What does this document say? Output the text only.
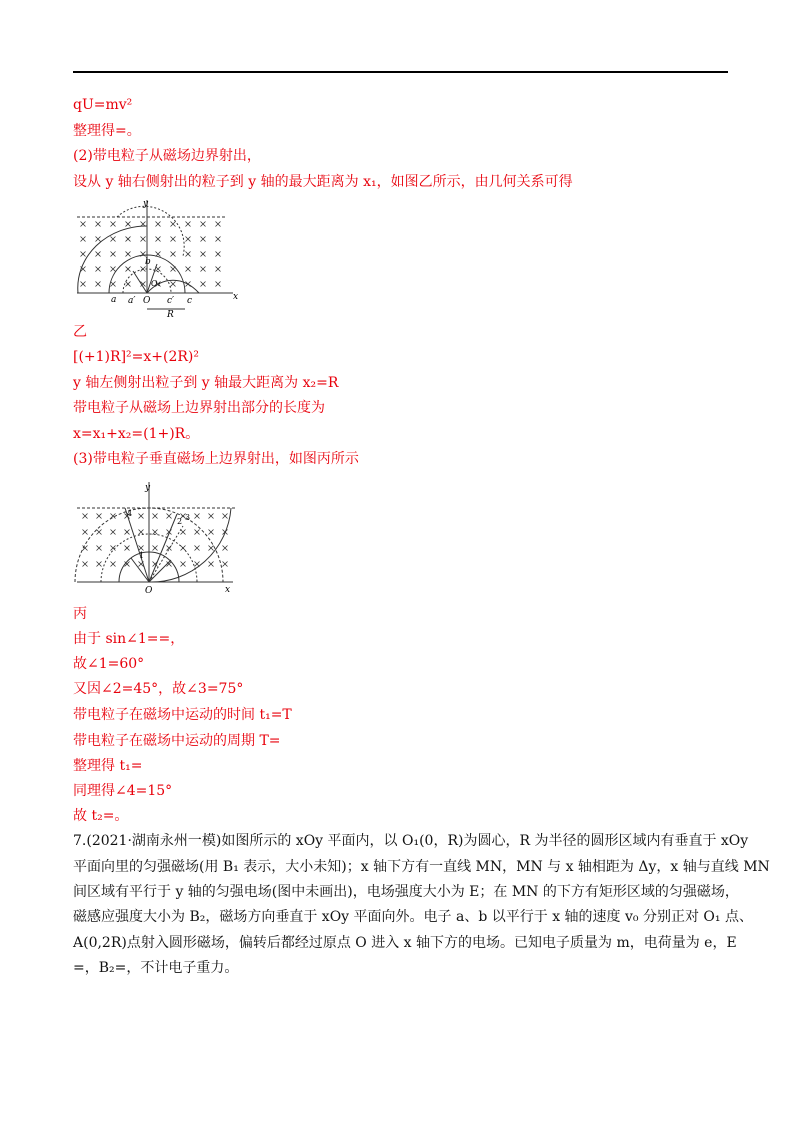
qU=mv²
整理得=。
(2)带电粒子从磁场边界射出，
设从 y 轴右侧射出的粒子到 y 轴的最大距离为 x₁，如图乙所示，由几何关系可得
y
x
a a′ O c′ c
b
R
O₁
乙
[(+1)R]²=x+(2R)²
y 轴左侧射出粒子到 y 轴最大距离为 x₂=R
带电粒子从磁场上边界射出部分的长度为
x=x₁+x₂=(1+)R。
(3)带电粒子垂直磁场上边界射出，如图丙所示
y
x
O
1
2 3
4
丙
由于 sin∠1==，
故∠1=60°
又因∠2=45°，故∠3=75°
带电粒子在磁场中运动的时间 t₁=T
带电粒子在磁场中运动的周期 T=
整理得 t₁=
同理得∠4=15°
故 t₂=。
7.(2021·湖南永州一模)如图所示的 xOy 平面内，以 O₁(0，R)为圆心，R 为半径的圆形区域内有垂直于 xOy
平面向里的匀强磁场(用 B₁ 表示，大小未知)；x 轴下方有一直线 MN，MN 与 x 轴相距为 Δy，x 轴与直线 MN
间区域有平行于 y 轴的匀强电场(图中未画出)，电场强度大小为 E；在 MN 的下方有矩形区域的匀强磁场，
磁感应强度大小为 B₂，磁场方向垂直于 xOy 平面向外。电子 a、b 以平行于 x 轴的速度 v₀ 分别正对 O₁ 点、
A(0,2R)点射入圆形磁场，偏转后都经过原点 O 进入 x 轴下方的电场。已知电子质量为 m，电荷量为 e，E
=，B₂=，不计电子重力。
